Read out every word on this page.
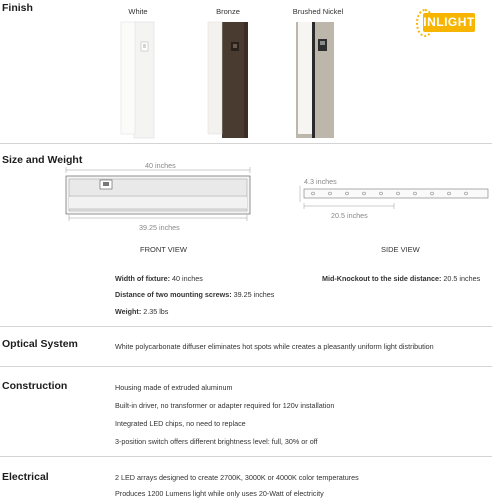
Finish	White	Bronze	Brushed Nickel
INLIGHT
Size and Weight	40 inches
39.25 inches
4.3 inches
20.5 inches
FRONT VIEW	SIDE VIEW
Width of fixture: 40 inches
Distance of two mounting screws: 39.25 inches
Weight: 2.35 lbs
Mid-Knockout to the side distance: 20.5 inches
Optical System	White polycarbonate diffuser eliminates hot spots while creates a pleasantly uniform light distribution
Construction	Housing made of extruded aluminum
Built-in driver, no transformer or adapter required for 120v installation
Integrated LED chips, no need to replace
3-position switch offers different brightness level: full, 30% or off
Electrical	2 LED arrays designed to create 2700K, 3000K or 4000K color temperatures
Produces 1200 Lumens light while only uses 20-Watt of electricity
